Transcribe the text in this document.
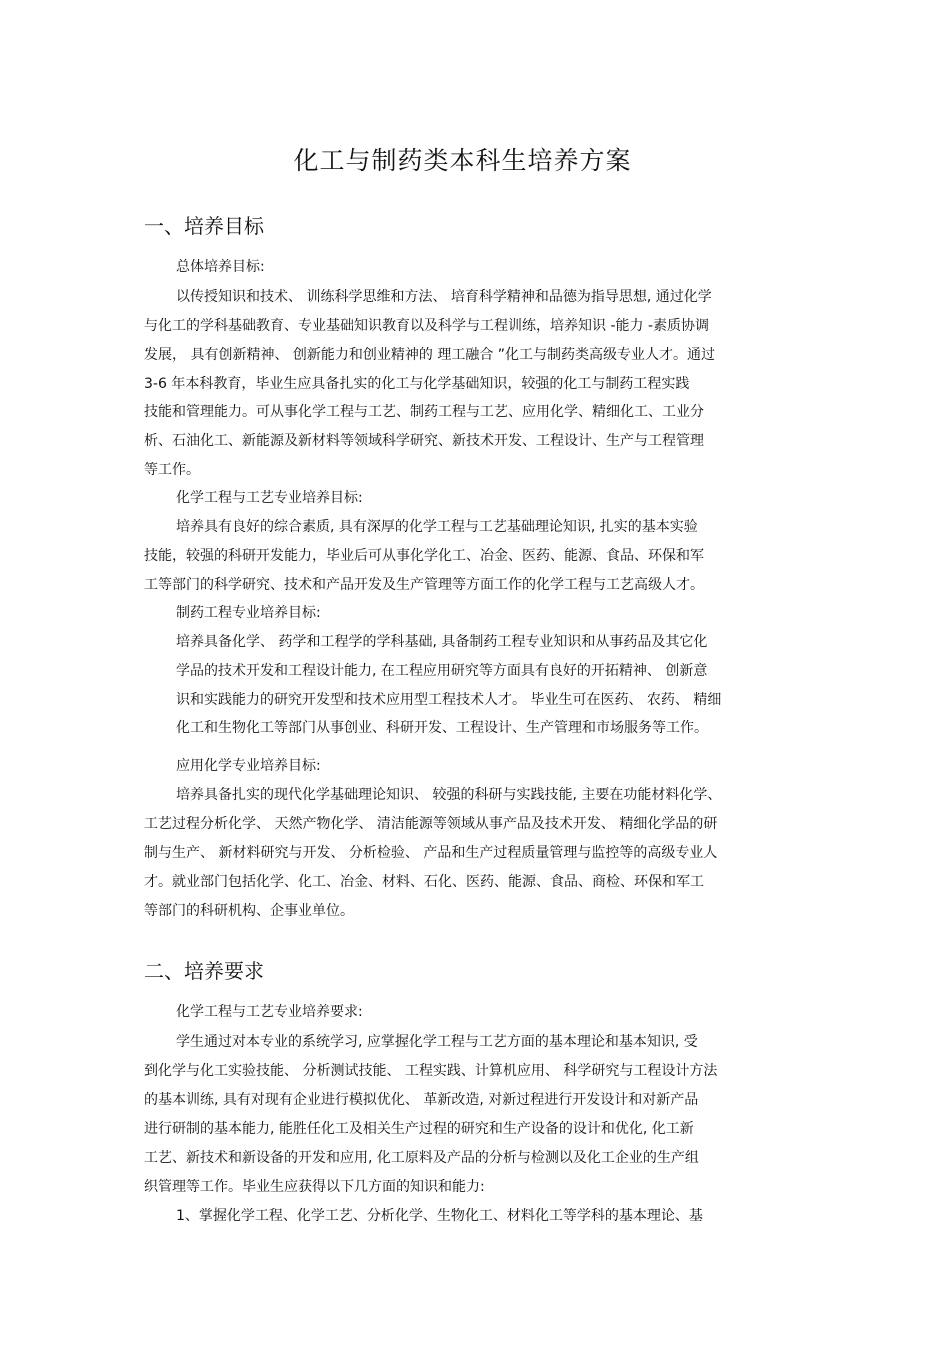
化工与制药类本科生培养方案
一、培养目标

总体培养目标:

以传授知识和技术、 训练科学思维和方法、 培育科学精神和品德为指导思想, 通过化学

与化工的学科基础教育、专业基础知识教育以及科学与工程训练，培养知识 -能力 -素质协调

发展， 具有创新精神、 创新能力和创业精神的 理工融合 ”化工与制药类高级专业人才。通过

3-6 年本科教育，毕业生应具备扎实的化工与化学基础知识，较强的化工与制药工程实践

技能和管理能力。可从事化学工程与工艺、制药工程与工艺、应用化学、精细化工、工业分

析、石油化工、新能源及新材料等领域科学研究、新技术开发、工程设计、生产与工程管理

等工作。

化学工程与工艺专业培养目标:

培养具有良好的综合素质, 具有深厚的化学工程与工艺基础理论知识, 扎实的基本实验

技能，较强的科研开发能力，毕业后可从事化学化工、冶金、医药、能源、食品、环保和军

工等部门的科学研究、技术和产品开发及生产管理等方面工作的化学工程与工艺高级人才。

制药工程专业培养目标:

培养具备化学、 药学和工程学的学科基础, 具备制药工程专业知识和从事药品及其它化

学品的技术开发和工程设计能力, 在工程应用研究等方面具有良好的开拓精神、 创新意

识和实践能力的研究开发型和技术应用型工程技术人才。 毕业生可在医药、 农药、 精细

化工和生物化工等部门从事创业、科研开发、工程设计、生产管理和市场服务等工作。

应用化学专业培养目标:

培养具备扎实的现代化学基础理论知识、 较强的科研与实践技能, 主要在功能材料化学、

工艺过程分析化学、 天然产物化学、 清洁能源等领域从事产品及技术开发、 精细化学品的研

制与生产、 新材料研究与开发、 分析检验、 产品和生产过程质量管理与监控等的高级专业人

才。就业部门包括化学、化工、冶金、材料、石化、医药、能源、食品、商检、环保和军工

等部门的科研机构、企事业单位。

二、培养要求

化学工程与工艺专业培养要求:

学生通过对本专业的系统学习, 应掌握化学工程与工艺方面的基本理论和基本知识, 受

到化学与化工实验技能、 分析测试技能、 工程实践、计算机应用、 科学研究与工程设计方法

的基本训练, 具有对现有企业进行模拟优化、 革新改造, 对新过程进行开发设计和对新产品

进行研制的基本能力, 能胜任化工及相关生产过程的研究和生产设备的设计和优化, 化工新

工艺、新技术和新设备的开发和应用, 化工原料及产品的分析与检测以及化工企业的生产组

织管理等工作。毕业生应获得以下几方面的知识和能力:

1、掌握化学工程、化学工艺、分析化学、生物化工、材料化工等学科的基本理论、基
